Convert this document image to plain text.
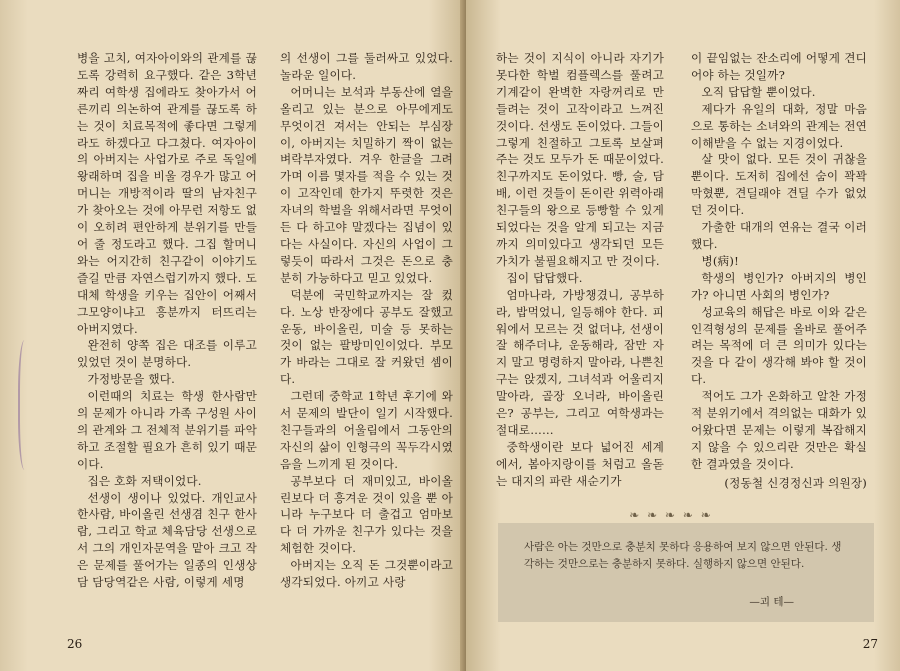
병을 고치, 여자아이와의 관계를 끊도록 강력히 요구했다. 같은 3학년짜리 여학생 집에라도 찾아가서 어른끼리 의논하여 관계를 끊도록 하는 것이 치료목적에 좋다면 그렇게라도 하겠다고 다그쳤다. 여자아이의 아버지는 사업가로 주로 독일에 왕래하며 집을 비울 경우가 많고 어머니는 개방적이라 딸의 남자친구가 찾아오는 것에 아무런 저항도 없이 오히려 편안하게 분위기를 만들어 줄 정도라고 했다. 그집 할머니와는 어지간히 친구같이 이야기도 즐길 만큼 자연스럽기까지 했다. 도대체 학생을 키우는 집안이 어째서 그모양이냐고 흥분까지 터뜨리는 아버지였다.

완전히 양쪽 집은 대조를 이루고 있었던 것이 분명하다.

가정방문을 했다.

이런때의 치료는 학생 한사람만의 문제가 아니라 가족 구성원 사이의 관계와 그 전체적 분위기를 파악하고 조절할 필요가 흔히 있기 때문이다.

집은 호화 저택이었다.

선생이 생이나 있었다. 개인교사 한사람, 바이올린 선생겸 친구 한사람, 그리고 학교 체육담당 선생으로서 그의 개인자문역을 맡아 크고 작은 문제를 풀어가는 일종의 인생상담 담당역같은 사람, 이렇게 세명

의 선생이 그를 둘러싸고 있었다. 놀라운 일이다.

어머니는 보석과 부동산에 열을 올리고 있는 분으로 아무에게도 무엇이건 져서는 안되는 부심장이, 아버지는 치밀하기 짝이 없는 벼락부자였다. 겨우 한글을 그려가며 이름 몇자를 적을 수 있는 것이 고작인데 한가지 뚜렷한 것은 자녀의 학벌을 위해서라면 무엇이든 다 하고야 말겠다는 집념이 있다는 사실이다. 자신의 사업이 그렇듯이 따라서 그것은 돈으로 충분히 가능하다고 믿고 있었다.

덕분에 국민학교까지는 잘 컸다. 노상 반장에다 공부도 잘했고 운동, 바이올린, 미술 등 못하는 것이 없는 팔방미인이었다. 부모가 바라는 그대로 잘 커왔던 셈이다.

그런데 중학교 1학년 후기에 와서 문제의 발단이 일기 시작했다. 친구들과의 어울림에서 그동안의 자신의 삶이 인형극의 꼭두각시였음을 느끼게 된 것이다.

공부보다 더 재미있고, 바이올린보다 더 흥겨운 것이 있을 뿐 아니라 누구보다 더 출겁고 엄마보다 더 가까운 친구가 있다는 것을 체험한 것이다.

아버지는 오직 돈 그것뿐이라고 생각되었다. 아끼고 사랑

26

하는 것이 지식이 아니라 자기가 못다한 학벌 컴플렉스를 풀려고 기계같이 완벽한 자랑꺼리로 만들려는 것이 고작이라고 느껴진 것이다. 선생도 돈이었다. 그들이 그렇게 친절하고 그토록 보살펴 주는 것도 모두가 돈 때문이었다. 친구까지도 돈이었다. 빵, 술, 담배, 이런 것들이 돈이란 위력아래 친구들의 왕으로 등빵할 수 있게 되었다는 것을 알게 되고는 지금까지 의미있다고 생각되던 모든 가치가 불필요해지고 만 것이다.

집이 답답했다.

엄마나라, 가방챙겼니, 공부하라, 밥먹었니, 일등해야 한다. 피워에서 모르는 것 없더냐, 선생이 잘 해주더냐, 운동해라, 잠만 자지 말고 명령하지 말아라, 나쁜친구는 앉겠지, 그녀석과 어울리지 말아라, 골장 오너라, 바이올린은? 공부는, 그리고 여학생과는 절대로……

중학생이란 보다 넓어진 세계에서, 봄아지랑이를 처럼고 올돋는 대지의 파란 새순기가

이 끝임없는 잔소리에 어떻게 견디어야 하는 것일까?

오직 답답할 뿐이었다.

제다가 유일의 대화, 정말 마음으로 통하는 소녀와의 관계는 전연 이해받을 수 없는 지경이었다.

살 맛이 없다. 모든 것이 귀찮을 뿐이다. 도저히 집에선 숨이 꽉꽉 막혔뿐, 견딜래야 견딜 수가 없었던 것이다.

가출한 대개의 연유는 결국 이러했다.

병(病)!

학생의 병인가? 아버지의 병인가? 아니면 사회의 병인가?

성교육의 해답은 바로 이와 같은 인격형성의 문제를 올바로 풀어주려는 목적에 더 큰 의미가 있다는 것을 다 같이 생각해 봐야 할 것이다.

적어도 그가 온화하고 알찬 가정적 분위기에서 격의없는 대화가 있어왔다면 문제는 이렇게 복잡해지지 않을 수 있으리란 것만은 확실한 결과였을 것이다.

(정동철 신경정신과 의원장)

❧ ❧ ❧ ❧ ❧
사람은 아는 것만으로 충분치 못하다 응용하여 보지 않으면 안된다. 생각하는 것만으로는 충분하지 못하다. 실행하지 않으면 안된다.
—괴 테—
27
